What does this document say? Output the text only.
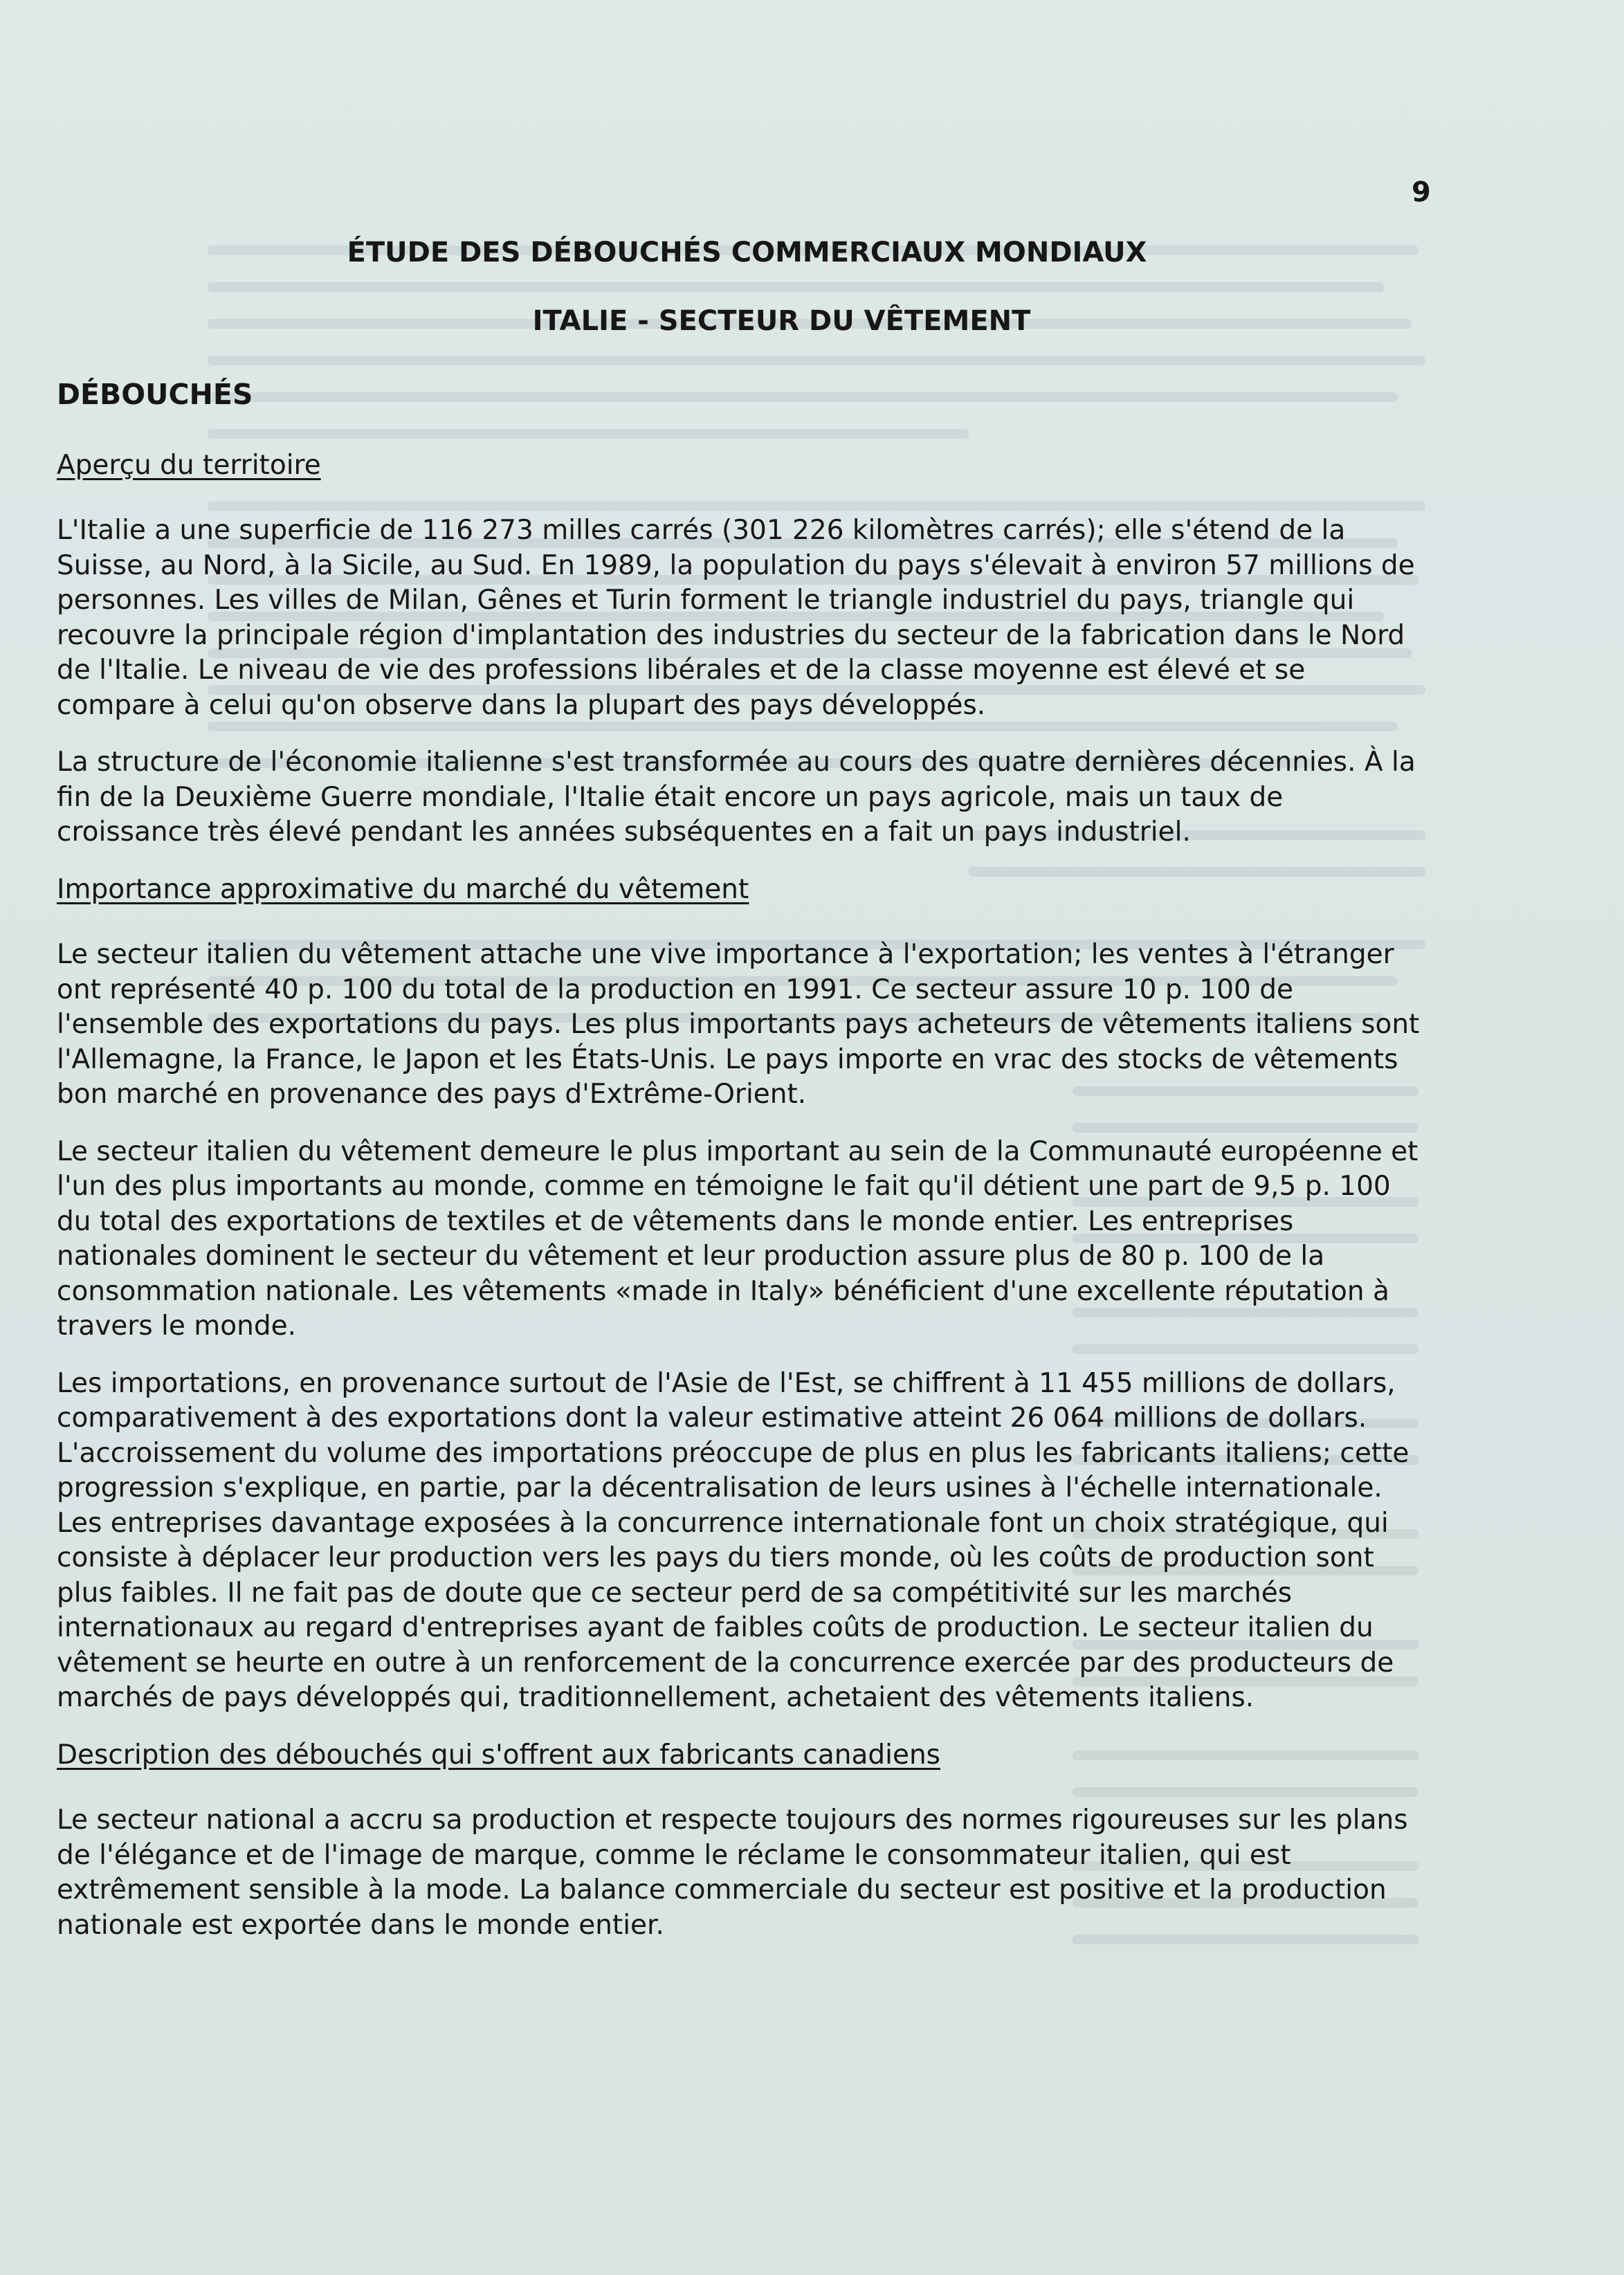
9
ÉTUDE DES DÉBOUCHÉS COMMERCIAUX MONDIAUX
ITALIE - SECTEUR DU VÊTEMENT
DÉBOUCHÉS
Aperçu du territoire

L'Italie a une superficie de 116 273 milles carrés (301 226 kilomètres carrés); elle s'étend de la Suisse, au Nord, à la Sicile, au Sud. En 1989, la population du pays s'élevait à environ 57 millions de personnes. Les villes de Milan, Gênes et Turin forment le triangle industriel du pays, triangle qui recouvre la principale région d'implantation des industries du secteur de la fabrication dans le Nord de l'Italie. Le niveau de vie des professions libérales et de la classe moyenne est élevé et se compare à celui qu'on observe dans la plupart des pays développés.

La structure de l'économie italienne s'est transformée au cours des quatre dernières décennies. À la fin de la Deuxième Guerre mondiale, l'Italie était encore un pays agricole, mais un taux de croissance très élevé pendant les années subséquentes en a fait un pays industriel.

Importance approximative du marché du vêtement

Le secteur italien du vêtement attache une vive importance à l'exportation; les ventes à l'étranger ont représenté 40 p. 100 du total de la production en 1991. Ce secteur assure 10 p. 100 de l'ensemble des exportations du pays. Les plus importants pays acheteurs de vêtements italiens sont l'Allemagne, la France, le Japon et les États-Unis. Le pays importe en vrac des stocks de vêtements bon marché en provenance des pays d'Extrême-Orient.

Le secteur italien du vêtement demeure le plus important au sein de la Communauté européenne et l'un des plus importants au monde, comme en témoigne le fait qu'il détient une part de 9,5 p. 100 du total des exportations de textiles et de vêtements dans le monde entier. Les entreprises nationales dominent le secteur du vêtement et leur production assure plus de 80 p. 100 de la consommation nationale. Les vêtements «made in Italy» bénéficient d'une excellente réputation à travers le monde.

Les importations, en provenance surtout de l'Asie de l'Est, se chiffrent à 11 455 millions de dollars, comparativement à des exportations dont la valeur estimative atteint 26 064 millions de dollars. L'accroissement du volume des importations préoccupe de plus en plus les fabricants italiens; cette progression s'explique, en partie, par la décentralisation de leurs usines à l'échelle internationale. Les entreprises davantage exposées à la concurrence internationale font un choix stratégique, qui consiste à déplacer leur production vers les pays du tiers monde, où les coûts de production sont plus faibles. Il ne fait pas de doute que ce secteur perd de sa compétitivité sur les marchés internationaux au regard d'entreprises ayant de faibles coûts de production. Le secteur italien du vêtement se heurte en outre à un renforcement de la concurrence exercée par des producteurs de marchés de pays développés qui, traditionnellement, achetaient des vêtements italiens.

Description des débouchés qui s'offrent aux fabricants canadiens

Le secteur national a accru sa production et respecte toujours des normes rigoureuses sur les plans de l'élégance et de l'image de marque, comme le réclame le consommateur italien, qui est extrêmement sensible à la mode. La balance commerciale du secteur est positive et la production nationale est exportée dans le monde entier.
